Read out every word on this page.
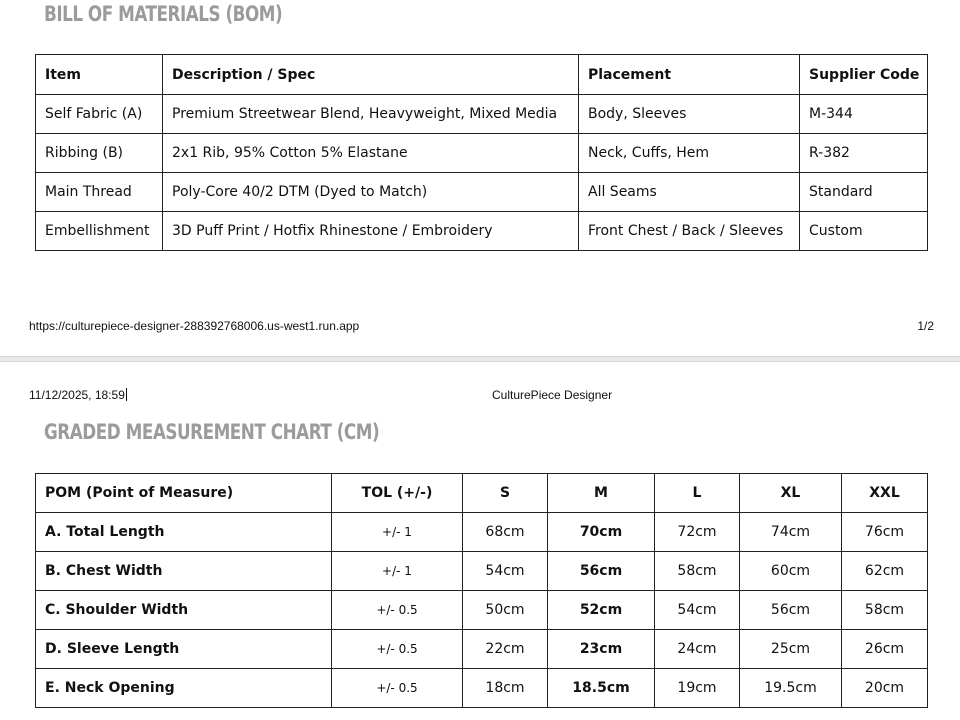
BILL OF MATERIALS (BOM)
Item	Description / Spec	Placement	Supplier Code
Self Fabric (A)	Premium Streetwear Blend, Heavyweight, Mixed Media	Body, Sleeves	M-344
Ribbing (B)	2x1 Rib, 95% Cotton 5% Elastane	Neck, Cuffs, Hem	R-382
Main Thread	Poly-Core 40/2 DTM (Dyed to Match)	All Seams	Standard
Embellishment	3D Puff Print / Hotfix Rhinestone / Embroidery	Front Chest / Back / Sleeves	Custom
https://culturepiece-designer-288392768006.us-west1.run.app	1/2
11/12/2025, 18:59	CulturePiece Designer
GRADED MEASUREMENT CHART (CM)
POM (Point of Measure)	TOL (+/-)	S	M	L	XL	XXL
A. Total Length	+/- 1	68cm	70cm	72cm	74cm	76cm
B. Chest Width	+/- 1	54cm	56cm	58cm	60cm	62cm
C. Shoulder Width	+/- 0.5	50cm	52cm	54cm	56cm	58cm
D. Sleeve Length	+/- 0.5	22cm	23cm	24cm	25cm	26cm
E. Neck Opening	+/- 0.5	18cm	18.5cm	19cm	19.5cm	20cm
